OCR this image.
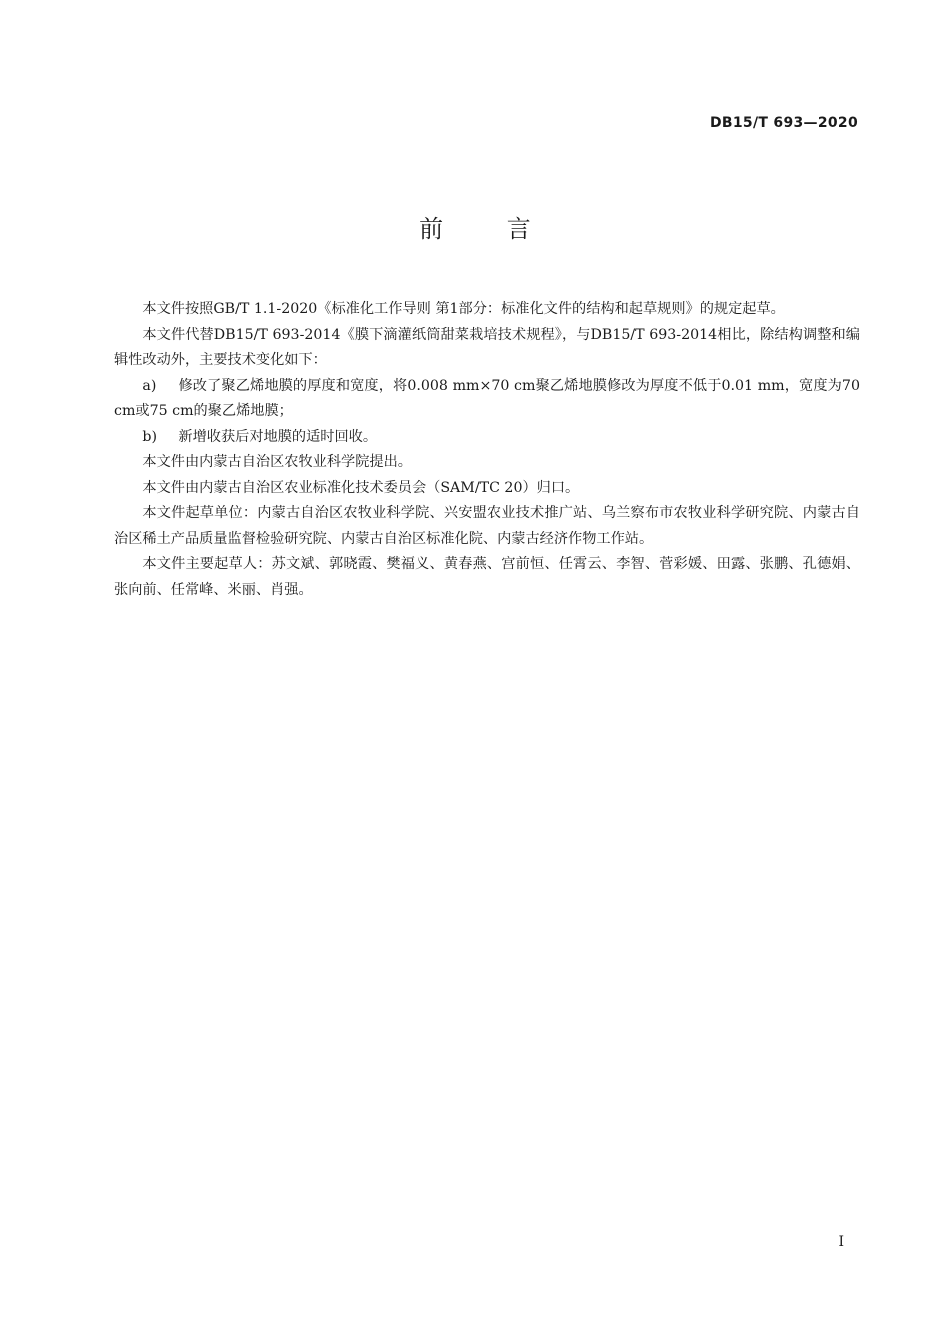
DB15/T 693—2020
前 言

本文件按照GB/T 1.1-2020《标准化工作导则 第1部分：标准化文件的结构和起草规则》的规定起草。

本文件代替DB15/T 693-2014《膜下滴灌纸筒甜菜栽培技术规程》，与DB15/T 693-2014相比，除结构调整和编辑性改动外，主要技术变化如下：

a) 修改了聚乙烯地膜的厚度和宽度，将0.008 mm×70 cm聚乙烯地膜修改为厚度不低于0.01 mm，宽度为70 cm或75 cm的聚乙烯地膜；

b) 新增收获后对地膜的适时回收。

本文件由内蒙古自治区农牧业科学院提出。

本文件由内蒙古自治区农业标准化技术委员会（SAM/TC 20）归口。

本文件起草单位：内蒙古自治区农牧业科学院、兴安盟农业技术推广站、乌兰察布市农牧业科学研究院、内蒙古自治区稀土产品质量监督检验研究院、内蒙古自治区标准化院、内蒙古经济作物工作站。

本文件主要起草人：苏文斌、郭晓霞、樊福义、黄春燕、宫前恒、任霄云、李智、菅彩媛、田露、张鹏、孔德娟、张向前、任常峰、米丽、肖强。

I
